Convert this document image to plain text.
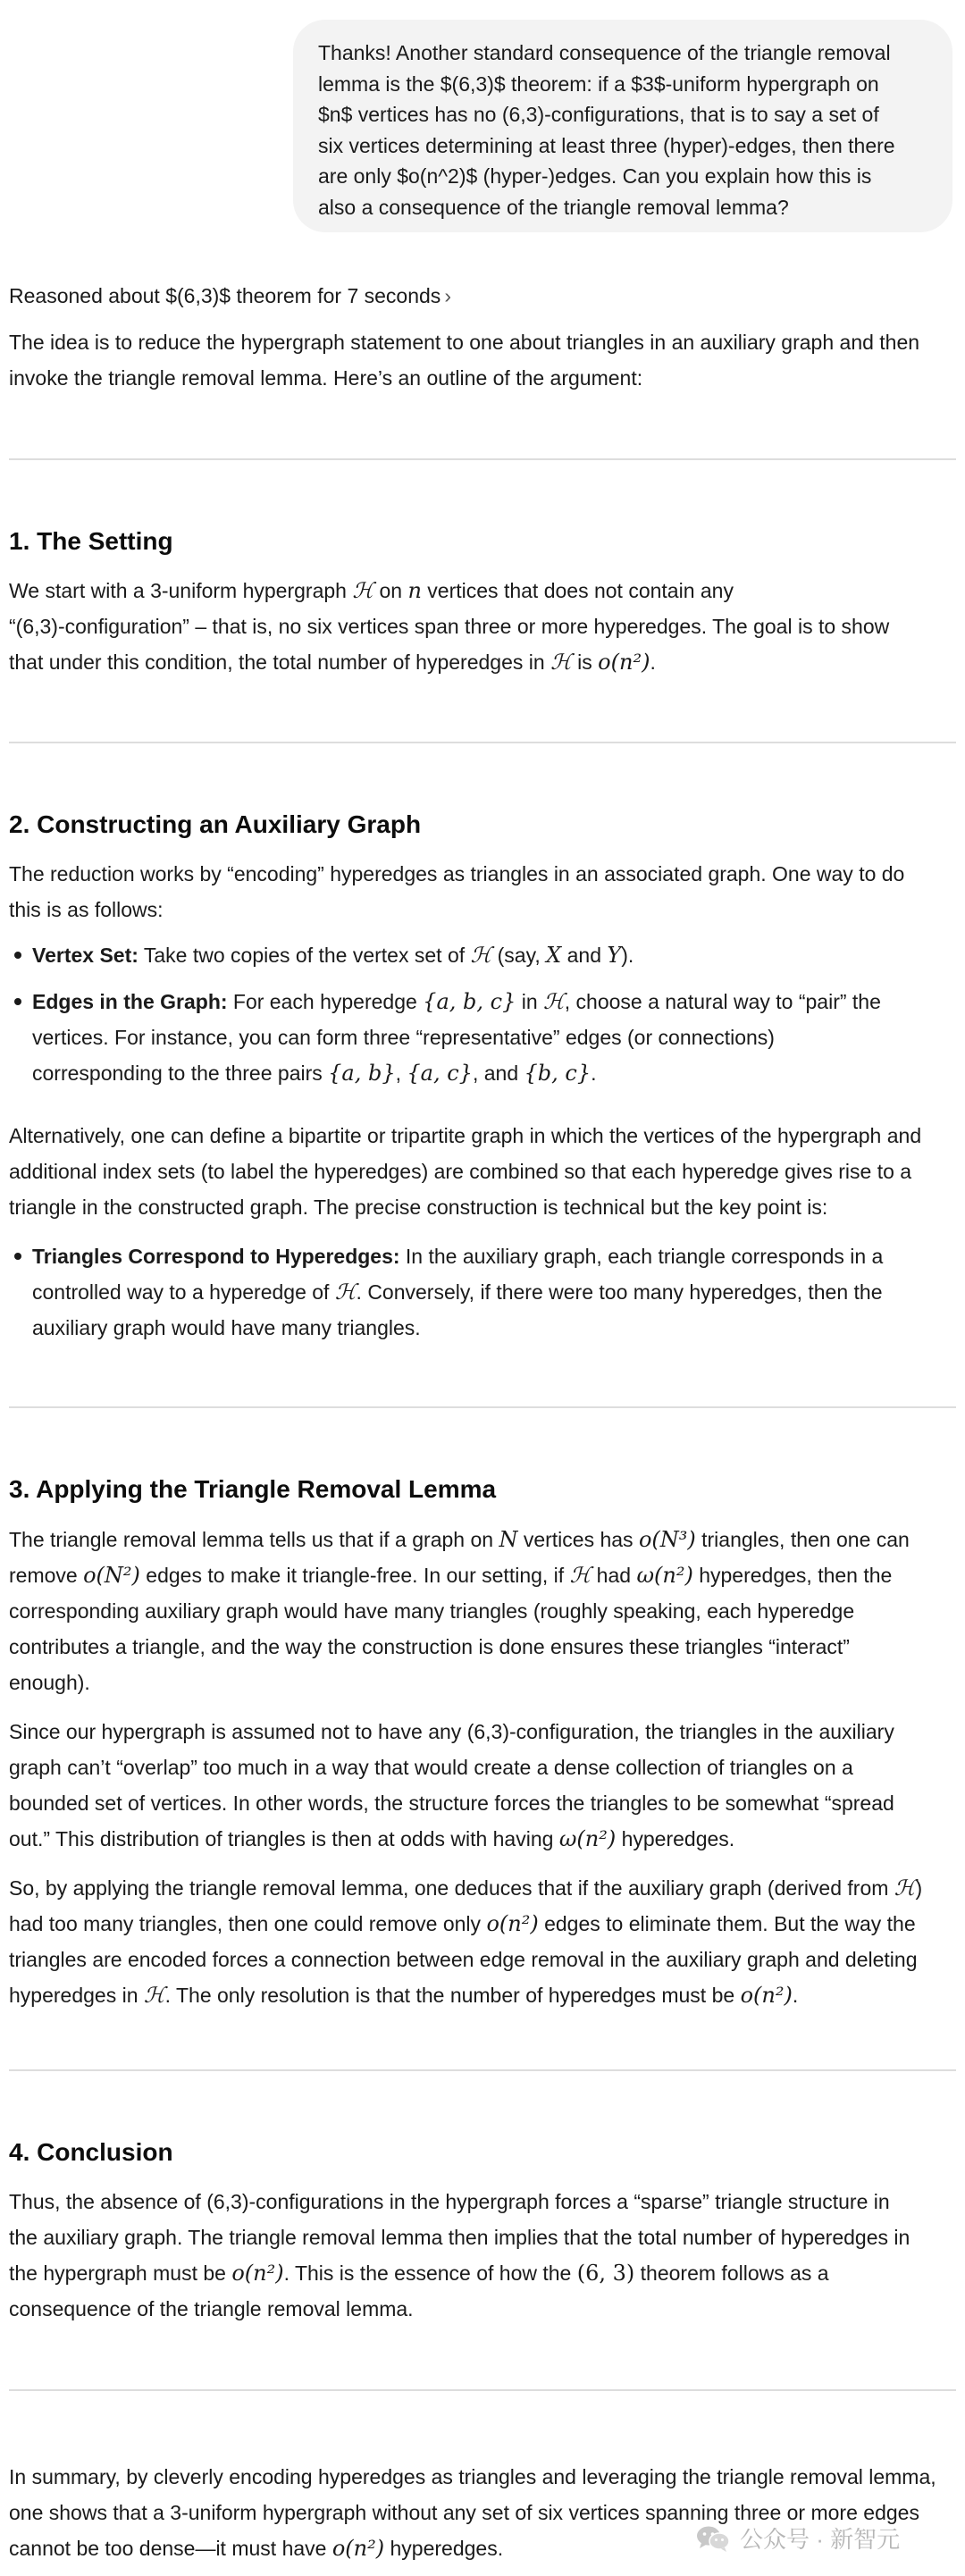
Thanks! Another standard consequence of the triangle removal
lemma is the $(6,3)$ theorem: if a $3$-uniform hypergraph on
$n$ vertices has no (6,3)-configurations, that is to say a set of
six vertices determining at least three (hyper)-edges, then there
are only $o(n^2)$ (hyper-)edges. Can you explain how this is
also a consequence of the triangle removal lemma?
Reasoned about $(6,3)$ theorem for 7 seconds ›
The idea is to reduce the hypergraph statement to one about triangles in an auxiliary graph and then
invoke the triangle removal lemma. Here’s an outline of the argument:
1. The Setting
We start with a 3-uniform hypergraph ℋ on n vertices that does not contain any
“(6,3)-configuration” – that is, no six vertices span three or more hyperedges. The goal is to show
that under this condition, the total number of hyperedges in ℋ is o(n²).
2. Constructing an Auxiliary Graph
The reduction works by “encoding” hyperedges as triangles in an associated graph. One way to do
this is as follows:
Vertex Set: Take two copies of the vertex set of ℋ (say, X and Y).
Edges in the Graph: For each hyperedge {a, b, c} in ℋ, choose a natural way to “pair” the
vertices. For instance, you can form three “representative” edges (or connections)
corresponding to the three pairs {a, b}, {a, c}, and {b, c}.
Alternatively, one can define a bipartite or tripartite graph in which the vertices of the hypergraph and
additional index sets (to label the hyperedges) are combined so that each hyperedge gives rise to a
triangle in the constructed graph. The precise construction is technical but the key point is:
Triangles Correspond to Hyperedges: In the auxiliary graph, each triangle corresponds in a
controlled way to a hyperedge of ℋ. Conversely, if there were too many hyperedges, then the
auxiliary graph would have many triangles.
3. Applying the Triangle Removal Lemma
The triangle removal lemma tells us that if a graph on N vertices has o(N³) triangles, then one can
remove o(N²) edges to make it triangle-free. In our setting, if ℋ had ω(n²) hyperedges, then the
corresponding auxiliary graph would have many triangles (roughly speaking, each hyperedge
contributes a triangle, and the way the construction is done ensures these triangles “interact”
enough).
Since our hypergraph is assumed not to have any (6,3)-configuration, the triangles in the auxiliary
graph can’t “overlap” too much in a way that would create a dense collection of triangles on a
bounded set of vertices. In other words, the structure forces the triangles to be somewhat “spread
out.” This distribution of triangles is then at odds with having ω(n²) hyperedges.
So, by applying the triangle removal lemma, one deduces that if the auxiliary graph (derived from ℋ)
had too many triangles, then one could remove only o(n²) edges to eliminate them. But the way the
triangles are encoded forces a connection between edge removal in the auxiliary graph and deleting
hyperedges in ℋ. The only resolution is that the number of hyperedges must be o(n²).
4. Conclusion
Thus, the absence of (6,3)-configurations in the hypergraph forces a “sparse” triangle structure in
the auxiliary graph. The triangle removal lemma then implies that the total number of hyperedges in
the hypergraph must be o(n²). This is the essence of how the (6, 3) theorem follows as a
consequence of the triangle removal lemma.
In summary, by cleverly encoding hyperedges as triangles and leveraging the triangle removal lemma,
one shows that a 3-uniform hypergraph without any set of six vertices spanning three or more edges
cannot be too dense—it must have o(n²) hyperedges.	公众号 · 新智元
